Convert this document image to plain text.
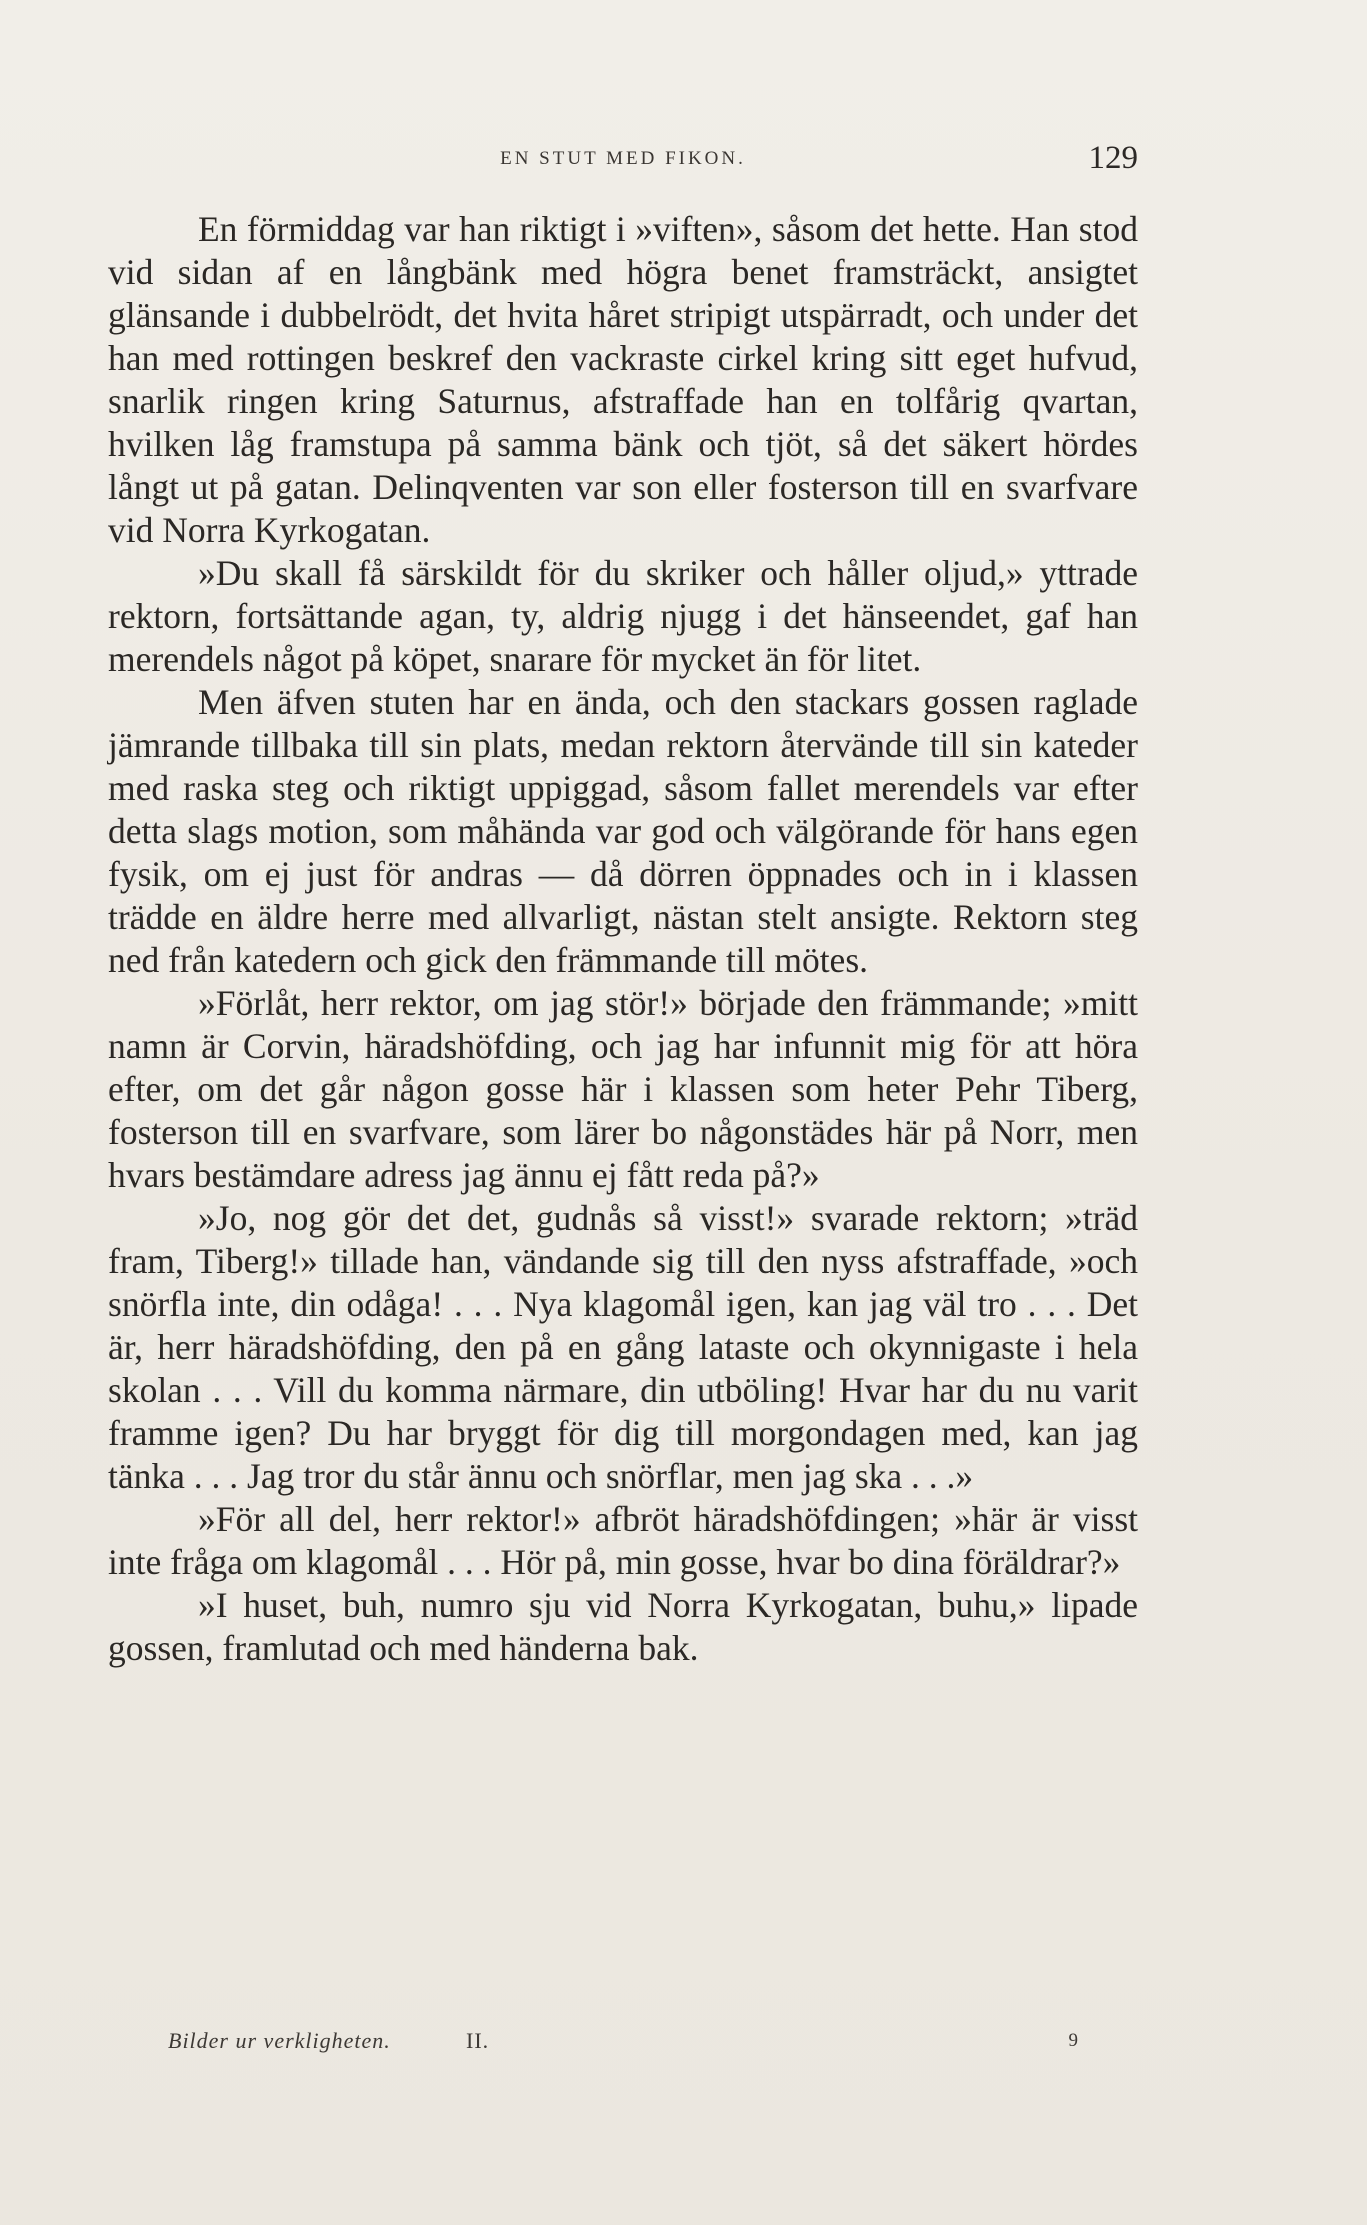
EN STUT MED FIKON.	129

En förmiddag var han riktigt i »viften», såsom det hette. Han stod vid sidan af en långbänk med högra benet framsträckt, ansigtet glänsande i dubbelrödt, det hvita håret stripigt utspärradt, och under det han med rottingen beskref den vackraste cirkel kring sitt eget hufvud, snarlik ringen kring Saturnus, afstraffade han en tolfårig qvartan, hvilken låg framstupa på samma bänk och tjöt, så det säkert hördes långt ut på gatan. Delinqventen var son eller fosterson till en svarfvare vid Norra Kyrkogatan.

»Du skall få särskildt för du skriker och håller oljud,» yttrade rektorn, fortsättande agan, ty, aldrig njugg i det hänseendet, gaf han merendels något på köpet, snarare för mycket än för litet.

Men äfven stuten har en ända, och den stackars gossen raglade jämrande tillbaka till sin plats, medan rektorn återvände till sin kateder med raska steg och riktigt uppiggad, såsom fallet merendels var efter detta slags motion, som måhända var god och välgörande för hans egen fysik, om ej just för andras — då dörren öppnades och in i klassen trädde en äldre herre med allvarligt, nästan stelt ansigte. Rektorn steg ned från katedern och gick den främmande till mötes.

»Förlåt, herr rektor, om jag stör!» började den främmande; »mitt namn är Corvin, häradshöfding, och jag har infunnit mig för att höra efter, om det går någon gosse här i klassen som heter Pehr Tiberg, fosterson till en svarfvare, som lärer bo någonstädes här på Norr, men hvars bestämdare adress jag ännu ej fått reda på?»

»Jo, nog gör det det, gudnås så visst!» svarade rektorn; »träd fram, Tiberg!» tillade han, vändande sig till den nyss afstraffade, »och snörfla inte, din odåga! . . . Nya klagomål igen, kan jag väl tro . . . Det är, herr häradshöfding, den på en gång lataste och okynnigaste i hela skolan . . . Vill du komma närmare, din utböling! Hvar har du nu varit framme igen? Du har bryggt för dig till morgondagen med, kan jag tänka . . . Jag tror du står ännu och snörflar, men jag ska . . .»

»För all del, herr rektor!» afbröt häradshöfdingen; »här är visst inte fråga om klagomål . . . Hör på, min gosse, hvar bo dina föräldrar?»

»I huset, buh, numro sju vid Norra Kyrkogatan, buhu,» lipade gossen, framlutad och med händerna bak.

Bilder ur verkligheten.	II.	9
